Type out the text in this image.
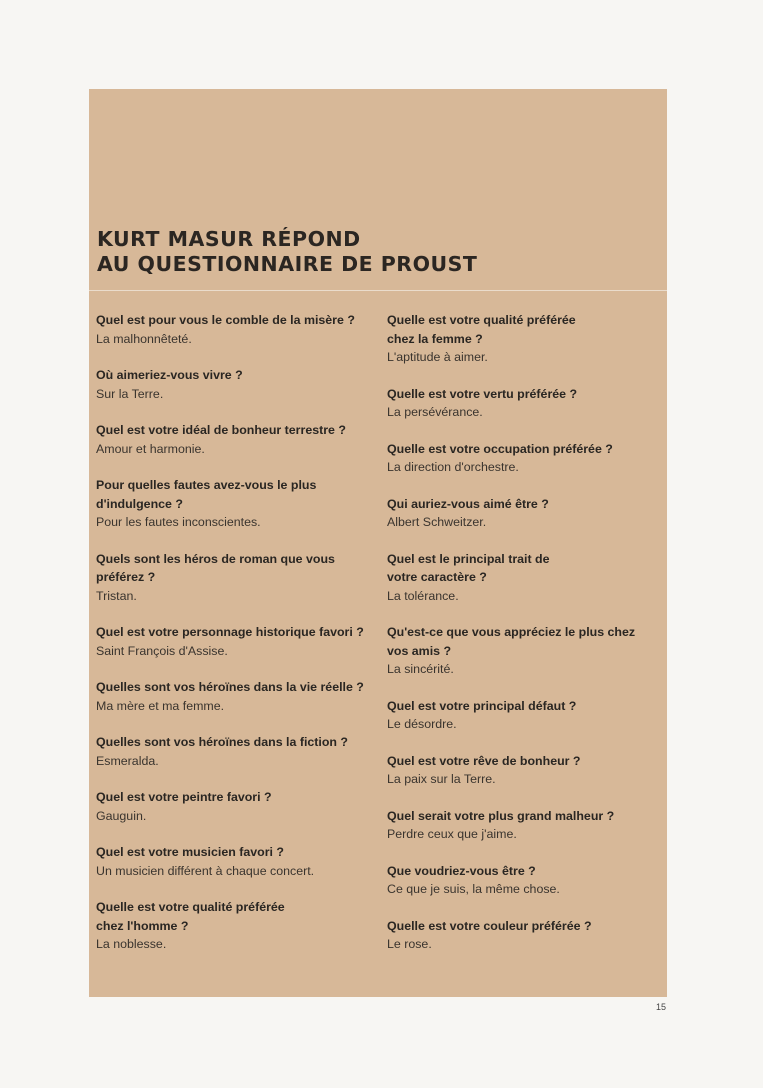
KURT MASUR RÉPOND
AU QUESTIONNAIRE DE PROUST
Quel est pour vous le comble de la misère ?
La malhonnêteté.
Où aimeriez-vous vivre ?
Sur la Terre.
Quel est votre idéal de bonheur terrestre ?
Amour et harmonie.
Pour quelles fautes avez-vous le plus
d'indulgence ?
Pour les fautes inconscientes.
Quels sont les héros de roman que vous
préférez ?
Tristan.
Quel est votre personnage historique favori ?
Saint François d'Assise.
Quelles sont vos héroïnes dans la vie réelle ?
Ma mère et ma femme.
Quelles sont vos héroïnes dans la fiction ?
Esmeralda.
Quel est votre peintre favori ?
Gauguin.
Quel est votre musicien favori ?
Un musicien différent à chaque concert.
Quelle est votre qualité préférée
chez l'homme ?
La noblesse.
Quelle est votre qualité préférée
chez la femme ?
L'aptitude à aimer.
Quelle est votre vertu préférée ?
La persévérance.
Quelle est votre occupation préférée ?
La direction d'orchestre.
Qui auriez-vous aimé être ?
Albert Schweitzer.
Quel est le principal trait de
votre caractère ?
La tolérance.
Qu'est-ce que vous appréciez le plus chez
vos amis ?
La sincérité.
Quel est votre principal défaut ?
Le désordre.
Quel est votre rêve de bonheur ?
La paix sur la Terre.
Quel serait votre plus grand malheur ?
Perdre ceux que j'aime.
Que voudriez-vous être ?
Ce que je suis, la même chose.
Quelle est votre couleur préférée ?
Le rose.
15
